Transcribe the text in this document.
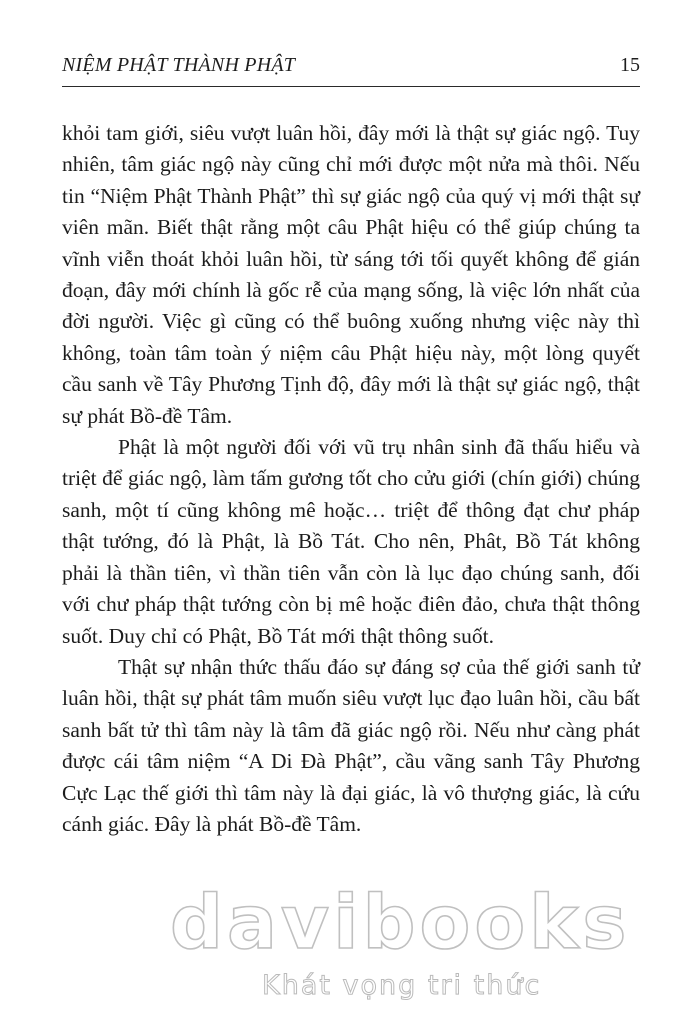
NIỆM PHẬT THÀNH PHẬT	15

khỏi tam giới, siêu vượt luân hồi, đây mới là thật sự giác ngộ. Tuy nhiên, tâm giác ngộ này cũng chỉ mới được một nửa mà thôi. Nếu tin “Niệm Phật Thành Phật” thì sự giác ngộ của quý vị mới thật sự viên mãn. Biết thật rằng một câu Phật hiệu có thể giúp chúng ta vĩnh viễn thoát khỏi luân hồi, từ sáng tới tối quyết không để gián đoạn, đây mới chính là gốc rễ của mạng sống, là việc lớn nhất của đời người. Việc gì cũng có thể buông xuống nhưng việc này thì không, toàn tâm toàn ý niệm câu Phật hiệu này, một lòng quyết cầu sanh về Tây Phương Tịnh độ, đây mới là thật sự giác ngộ, thật sự phát Bồ-đề Tâm.

Phật là một người đối với vũ trụ nhân sinh đã thấu hiểu và triệt để giác ngộ, làm tấm gương tốt cho cửu giới (chín giới) chúng sanh, một tí cũng không mê hoặc… triệt để thông đạt chư pháp thật tướng, đó là Phật, là Bồ Tát. Cho nên, Phât, Bồ Tát không phải là thần tiên, vì thần tiên vẫn còn là lục đạo chúng sanh, đối với chư pháp thật tướng còn bị mê hoặc điên đảo, chưa thật thông suốt. Duy chỉ có Phật, Bồ Tát mới thật thông suốt.

Thật sự nhận thức thấu đáo sự đáng sợ của thế giới sanh tử luân hồi, thật sự phát tâm muốn siêu vượt lục đạo luân hồi, cầu bất sanh bất tử thì tâm này là tâm đã giác ngộ rồi. Nếu như càng phát được cái tâm niệm “A Di Đà Phật”, cầu vãng sanh Tây Phương Cực Lạc thế giới thì tâm này là đại giác, là vô thượng giác, là cứu cánh giác. Đây là phát Bồ-đề Tâm.

davibooks
Khát vọng tri thức
